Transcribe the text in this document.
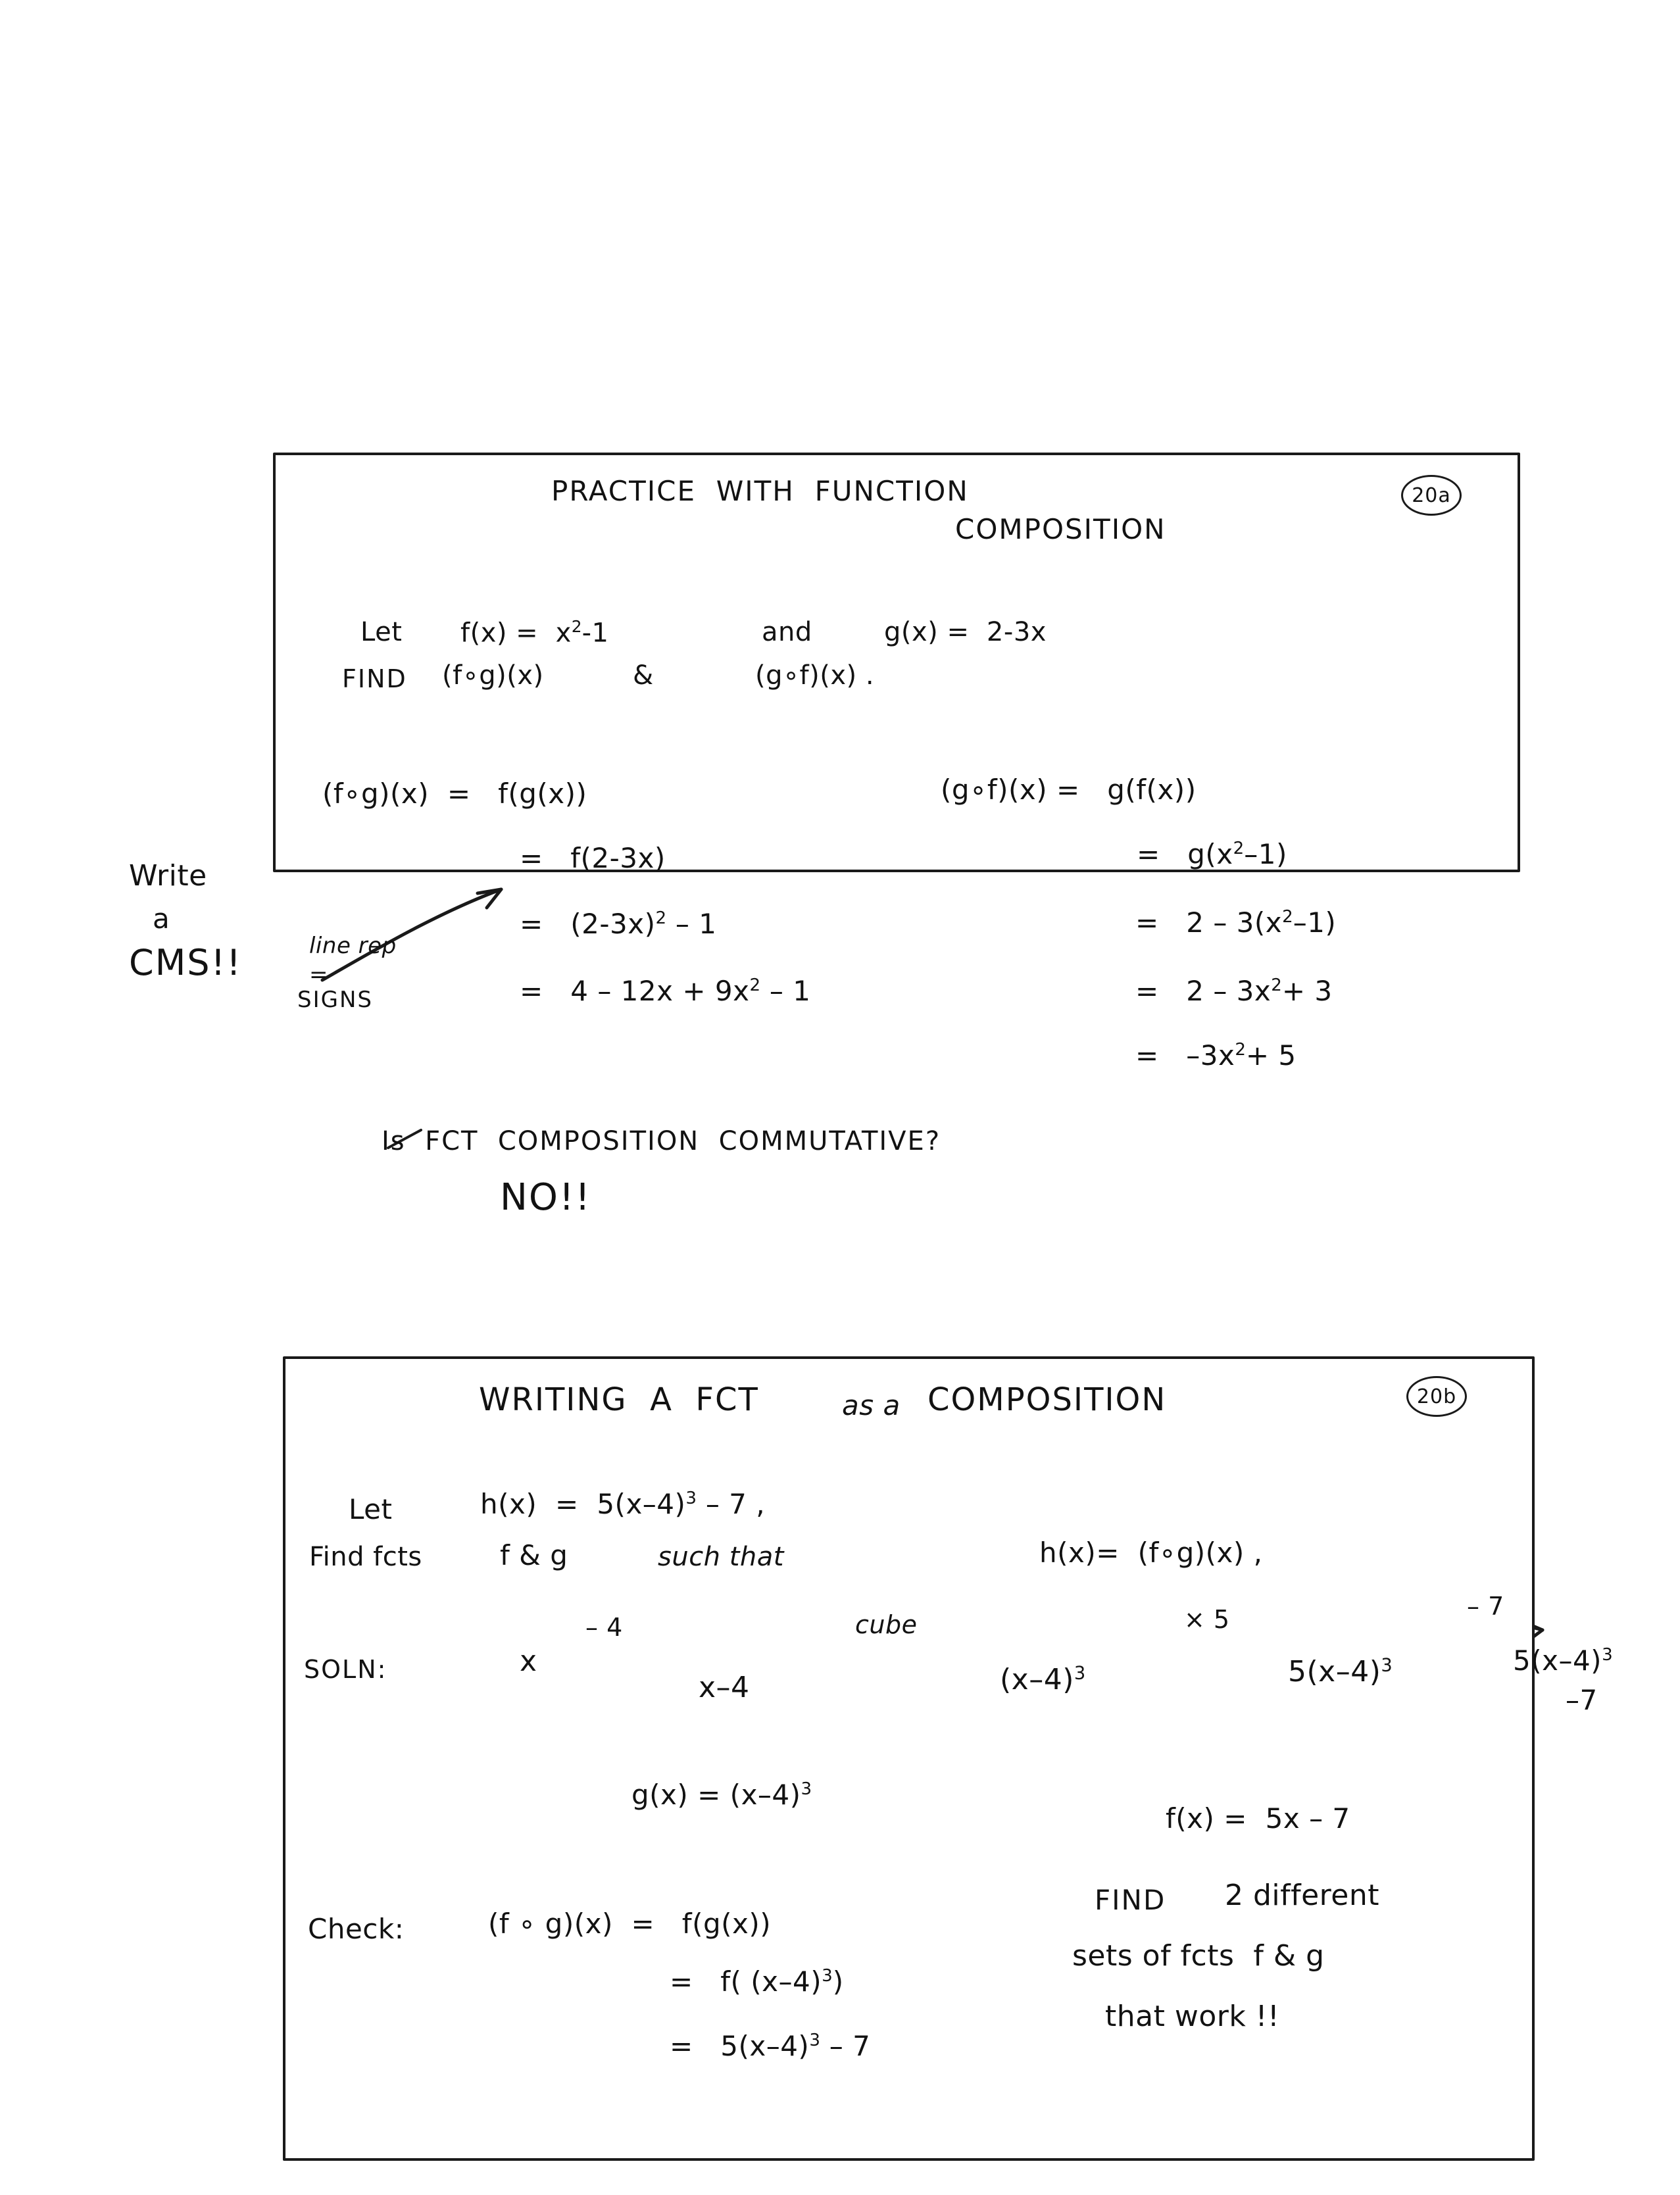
Write
a
CMS!!
20a
PRACTICE  WITH  FUNCTION
COMPOSITION
Let $f(x) = x^2-1$	and	g(x) =  2-3x
FIND (f∘g)(x)	&	(g∘f)(x) .
(f∘g)(x)  =   f(g(x))
=   f(2-3x)
=   $(2-3x)^2 - 1$
=   $4 - 12x + 9x^2 - 1$
line rep
=
SIGNS
(g∘f)(x) =   g(f(x))
=   $g(x^2-1)$
=   $2 - 3(x^2-1)$
=   $2 - 3x^2+ 3$
=   $-3x^2+ 5$
Is  FCT  COMPOSITION  COMMUTATIVE?
NO!!
20b
WRITING  A  FCT	as a COMPOSITION
Let	$h(x) = 5(x-4)^3 - 7$ ,
Find fcts	f & g	such that	h(x)=  (f∘g)(x) ,
SOLN:	x
– 4
x–4
cube
$(x-4)^3$
× 5
$5(x-4)^3$
– 7
$5(x-4)^3$
–7
$g(x) = (x-4)^3$
f(x) =  5x – 7
Check:	(f ∘ g)(x)  =   f(g(x))
=   f( $(x-4)^3$)
=   $5(x-4)^3 - 7$
FIND 2 different
sets of fcts  f & g
that work !!
